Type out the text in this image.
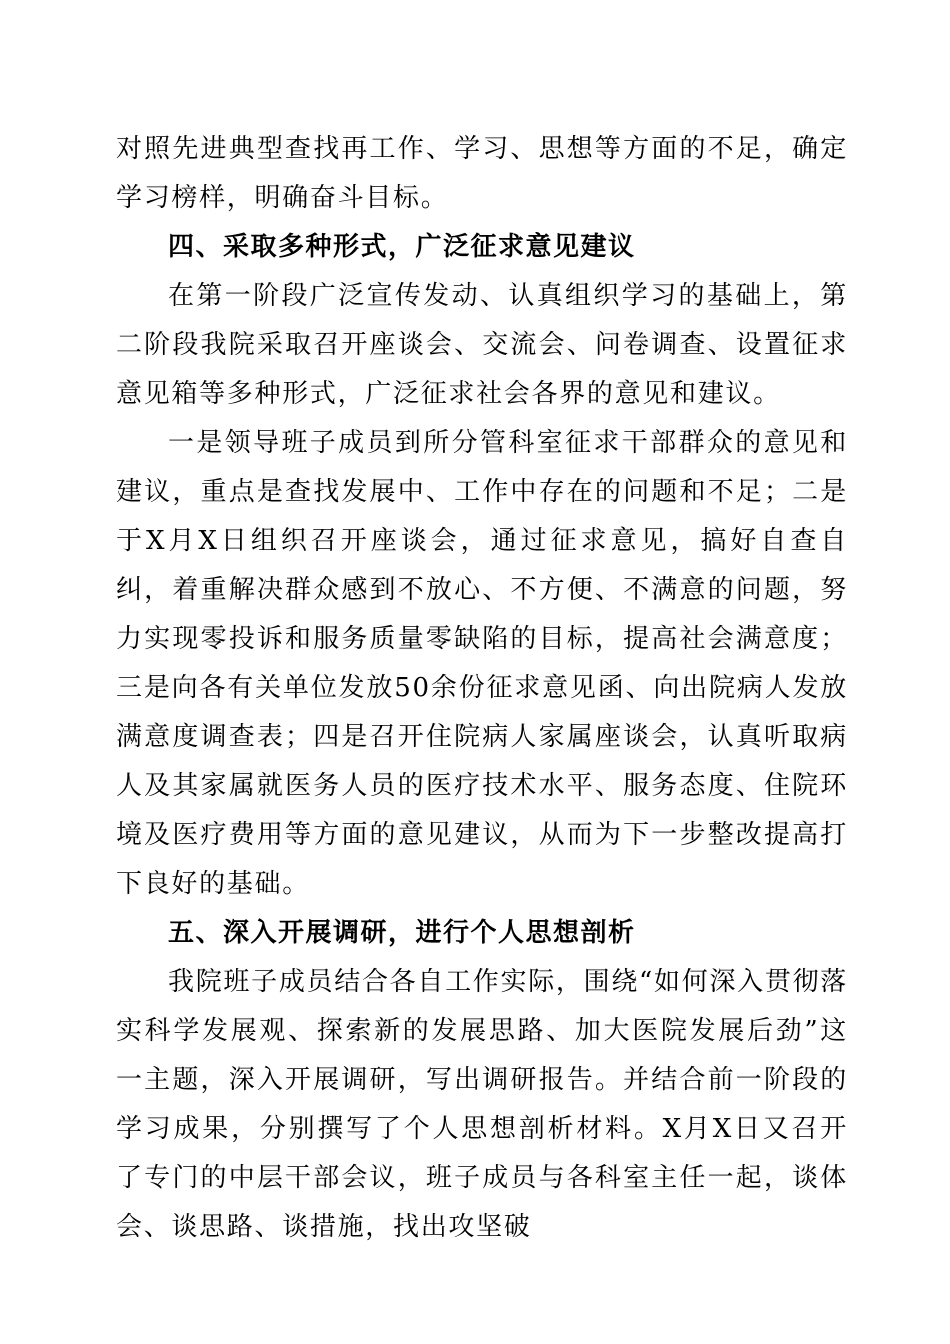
对照先进典型查找再工作、学习、思想等方面的不足，确定学习榜样，明确奋斗目标。

四、采取多种形式，广泛征求意见建议

在第一阶段广泛宣传发动、认真组织学习的基础上，第二阶段我院采取召开座谈会、交流会、问卷调查、设置征求意见箱等多种形式，广泛征求社会各界的意见和建议。

一是领导班子成员到所分管科室征求干部群众的意见和建议，重点是查找发展中、工作中存在的问题和不足；二是于X月X日组织召开座谈会，通过征求意见，搞好自查自纠，着重解决群众感到不放心、不方便、不满意的问题，努力实现零投诉和服务质量零缺陷的目标，提高社会满意度；三是向各有关单位发放50余份征求意见函、向出院病人发放满意度调查表；四是召开住院病人家属座谈会，认真听取病人及其家属就医务人员的医疗技术水平、服务态度、住院环境及医疗费用等方面的意见建议，从而为下一步整改提高打下良好的基础。

五、深入开展调研，进行个人思想剖析

我院班子成员结合各自工作实际，围绕“如何深入贯彻落实科学发展观、探索新的发展思路、加大医院发展后劲”这一主题，深入开展调研，写出调研报告。并结合前一阶段的学习成果，分别撰写了个人思想剖析材料。X月X日又召开了专门的中层干部会议，班子成员与各科室主任一起，谈体会、谈思路、谈措施，找出攻坚破
